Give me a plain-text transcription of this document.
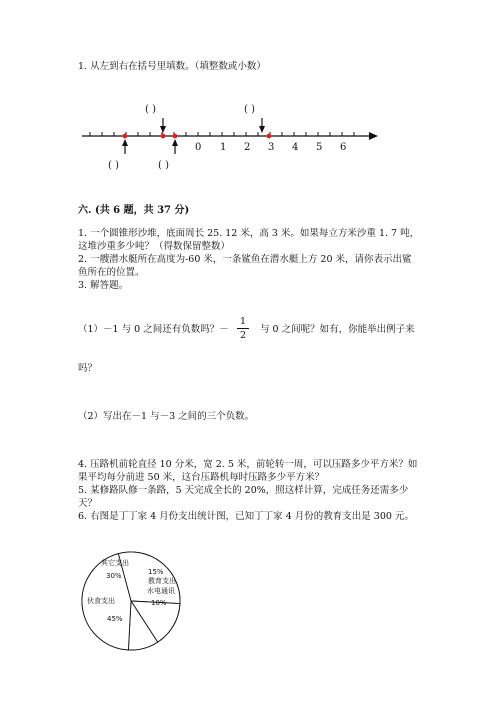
1. 从左到右在括号里填数。（填整数或小数）
( )	( )
( )	( )
0 1 2 3 4 5 6
其它支出
30%
教育支出
15%
水电通讯
10%
伙食支出
45%
六. (共 6 题，共 37 分)
1. 一个圆锥形沙堆，底面周长 25. 12 米，高 3 米。如果每立方米沙重 1. 7 吨，
这堆沙重多少吨？（得数保留整数）
2. 一艘潜水艇所在高度为-60 米，一条鲨鱼在潜水艇上方 20 米，请你表示出鲨
鱼所在的位置。
3. 解答题。
（1）－1 与 0 之间还有负数吗？－
1
2
与 0 之间呢？如有，你能举出例子来
吗？
（2）写出在－1 与－3 之间的三个负数。
4. 压路机前轮直径 10 分米，宽 2. 5 米，前轮转一周，可以压路多少平方米？如
果平均每分前进 50 米，这台压路机每时压路多少平方米？
5. 某修路队修一条路，5 天完成全长的 20%，照这样计算，完成任务还需多少
天？
6. 右图是丁丁家 4 月份支出统计图，已知丁丁家 4 月份的教育支出是 300 元。
